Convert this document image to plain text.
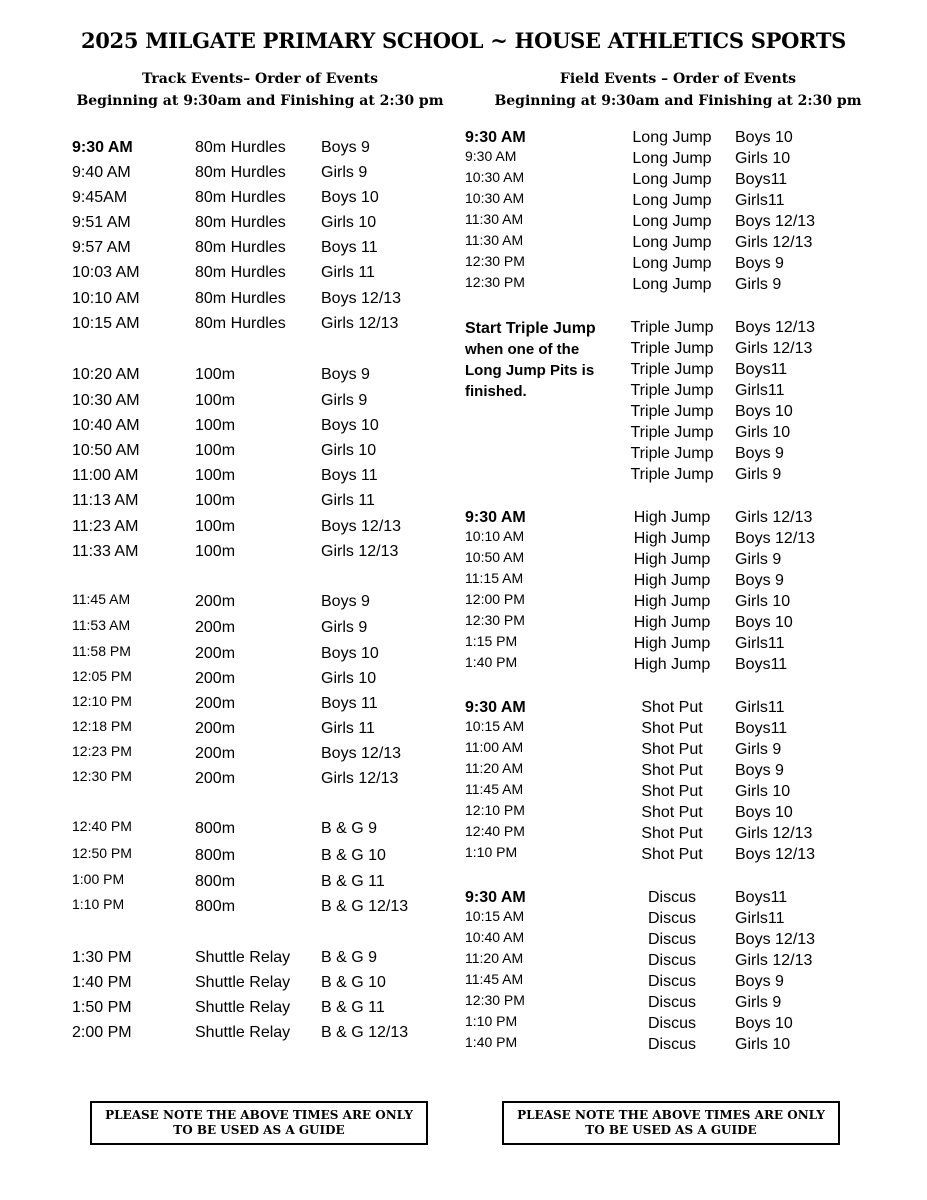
2025 MILGATE PRIMARY SCHOOL ~ HOUSE ATHLETICS SPORTS
Track Events– Order of Events
Beginning at 9:30am and Finishing at 2:30 pm
Field Events – Order of Events
Beginning at 9:30am and Finishing at 2:30 pm
9:30 AM	80m Hurdles Boys 9
9:40 AM	80m Hurdles Girls 9
9:45AM	80m Hurdles Boys 10
9:51 AM	80m Hurdles Girls 10
9:57 AM	80m Hurdles Boys 11
10:03 AM	80m Hurdles Girls 11
10:10 AM	80m Hurdles Boys 12/13
10:15 AM	80m Hurdles Girls 12/13
10:20 AM	100m	Boys 9
10:30 AM	100m	Girls 9
10:40 AM	100m	Boys 10
10:50 AM	100m	Girls 10
11:00 AM	100m	Boys 11
11:13 AM	100m	Girls 11
11:23 AM	100m	Boys 12/13
11:33 AM	100m	Girls 12/13
11:45 AM	200m	Boys 9
11:53 AM	200m	Girls 9
11:58 PM	200m	Boys 10
12:05 PM	200m	Girls 10
12:10 PM	200m	Boys 11
12:18 PM	200m	Girls 11
12:23 PM	200m	Boys 12/13
12:30 PM	200m	Girls 12/13
12:40 PM	800m	B & G 9
12:50 PM	800m	B & G 10
1:00 PM	800m	B & G 11
1:10 PM	800m	B & G 12/13
1:30 PM	Shuttle Relay B & G 9
1:40 PM	Shuttle Relay B & G 10
1:50 PM	Shuttle Relay B & G 11
2:00 PM	Shuttle Relay B & G 12/13
9:30 AM	Long Jump	Boys 10
9:30 AM	Long Jump	Girls 10
10:30 AM	Long Jump	Boys11
10:30 AM	Long Jump	Girls11
11:30 AM	Long Jump	Boys 12/13
11:30 AM	Long Jump	Girls 12/13
12:30 PM	Long Jump	Boys 9
12:30 PM	Long Jump	Girls 9
Triple Jump	Boys 12/13
Triple Jump	Girls 12/13
Triple Jump	Boys11
Triple Jump	Girls11
Triple Jump	Boys 10
Triple Jump	Girls 10
Triple Jump	Boys 9
Triple Jump	Girls 9
9:30 AM	High Jump	Girls 12/13
10:10 AM	High Jump	Boys 12/13
10:50 AM	High Jump	Girls 9
11:15 AM	High Jump	Boys 9
12:00 PM	High Jump	Girls 10
12:30 PM	High Jump	Boys 10
1:15 PM	High Jump	Girls11
1:40 PM	High Jump	Boys11
9:30 AM	Shot Put	Girls11
10:15 AM	Shot Put	Boys11
11:00 AM	Shot Put	Girls 9
11:20 AM	Shot Put	Boys 9
11:45 AM	Shot Put	Girls 10
12:10 PM	Shot Put	Boys 10
12:40 PM	Shot Put	Girls 12/13
1:10 PM	Shot Put	Boys 12/13
9:30 AM	Discus	Boys11
10:15 AM	Discus	Girls11
10:40 AM	Discus	Boys 12/13
11:20 AM	Discus	Girls 12/13
11:45 AM	Discus	Boys 9
12:30 PM	Discus	Girls 9
1:10 PM	Discus	Boys 10
1:40 PM	Discus	Girls 10
Start Triple Jump
when one of the
Long Jump Pits is
finished.
PLEASE NOTE THE ABOVE TIMES ARE ONLY TO BE USED AS A GUIDE
PLEASE NOTE THE ABOVE TIMES ARE ONLY TO BE USED AS A GUIDE
